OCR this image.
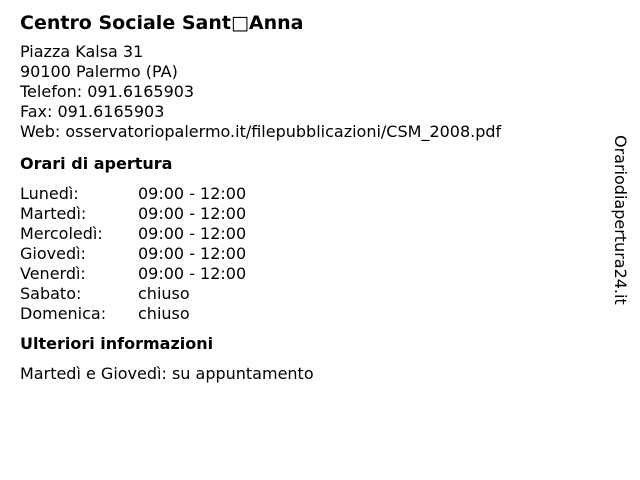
Centro Sociale Sant□Anna
Piazza Kalsa 31
90100 Palermo (PA)
Telefon: 091.6165903
Fax: 091.6165903
Web: osservatoriopalermo.it/filepubblicazioni/CSM_2008.pdf
Orari di apertura
Lunedì:	09:00 - 12:00
Martedì:	09:00 - 12:00
Mercoledì:	09:00 - 12:00
Giovedì:	09:00 - 12:00
Venerdì:	09:00 - 12:00
Sabato:	chiuso
Domenica:	chiuso
Ulteriori informazioni
Martedì e Giovedì: su appuntamento
Orariodiapertura24.it
